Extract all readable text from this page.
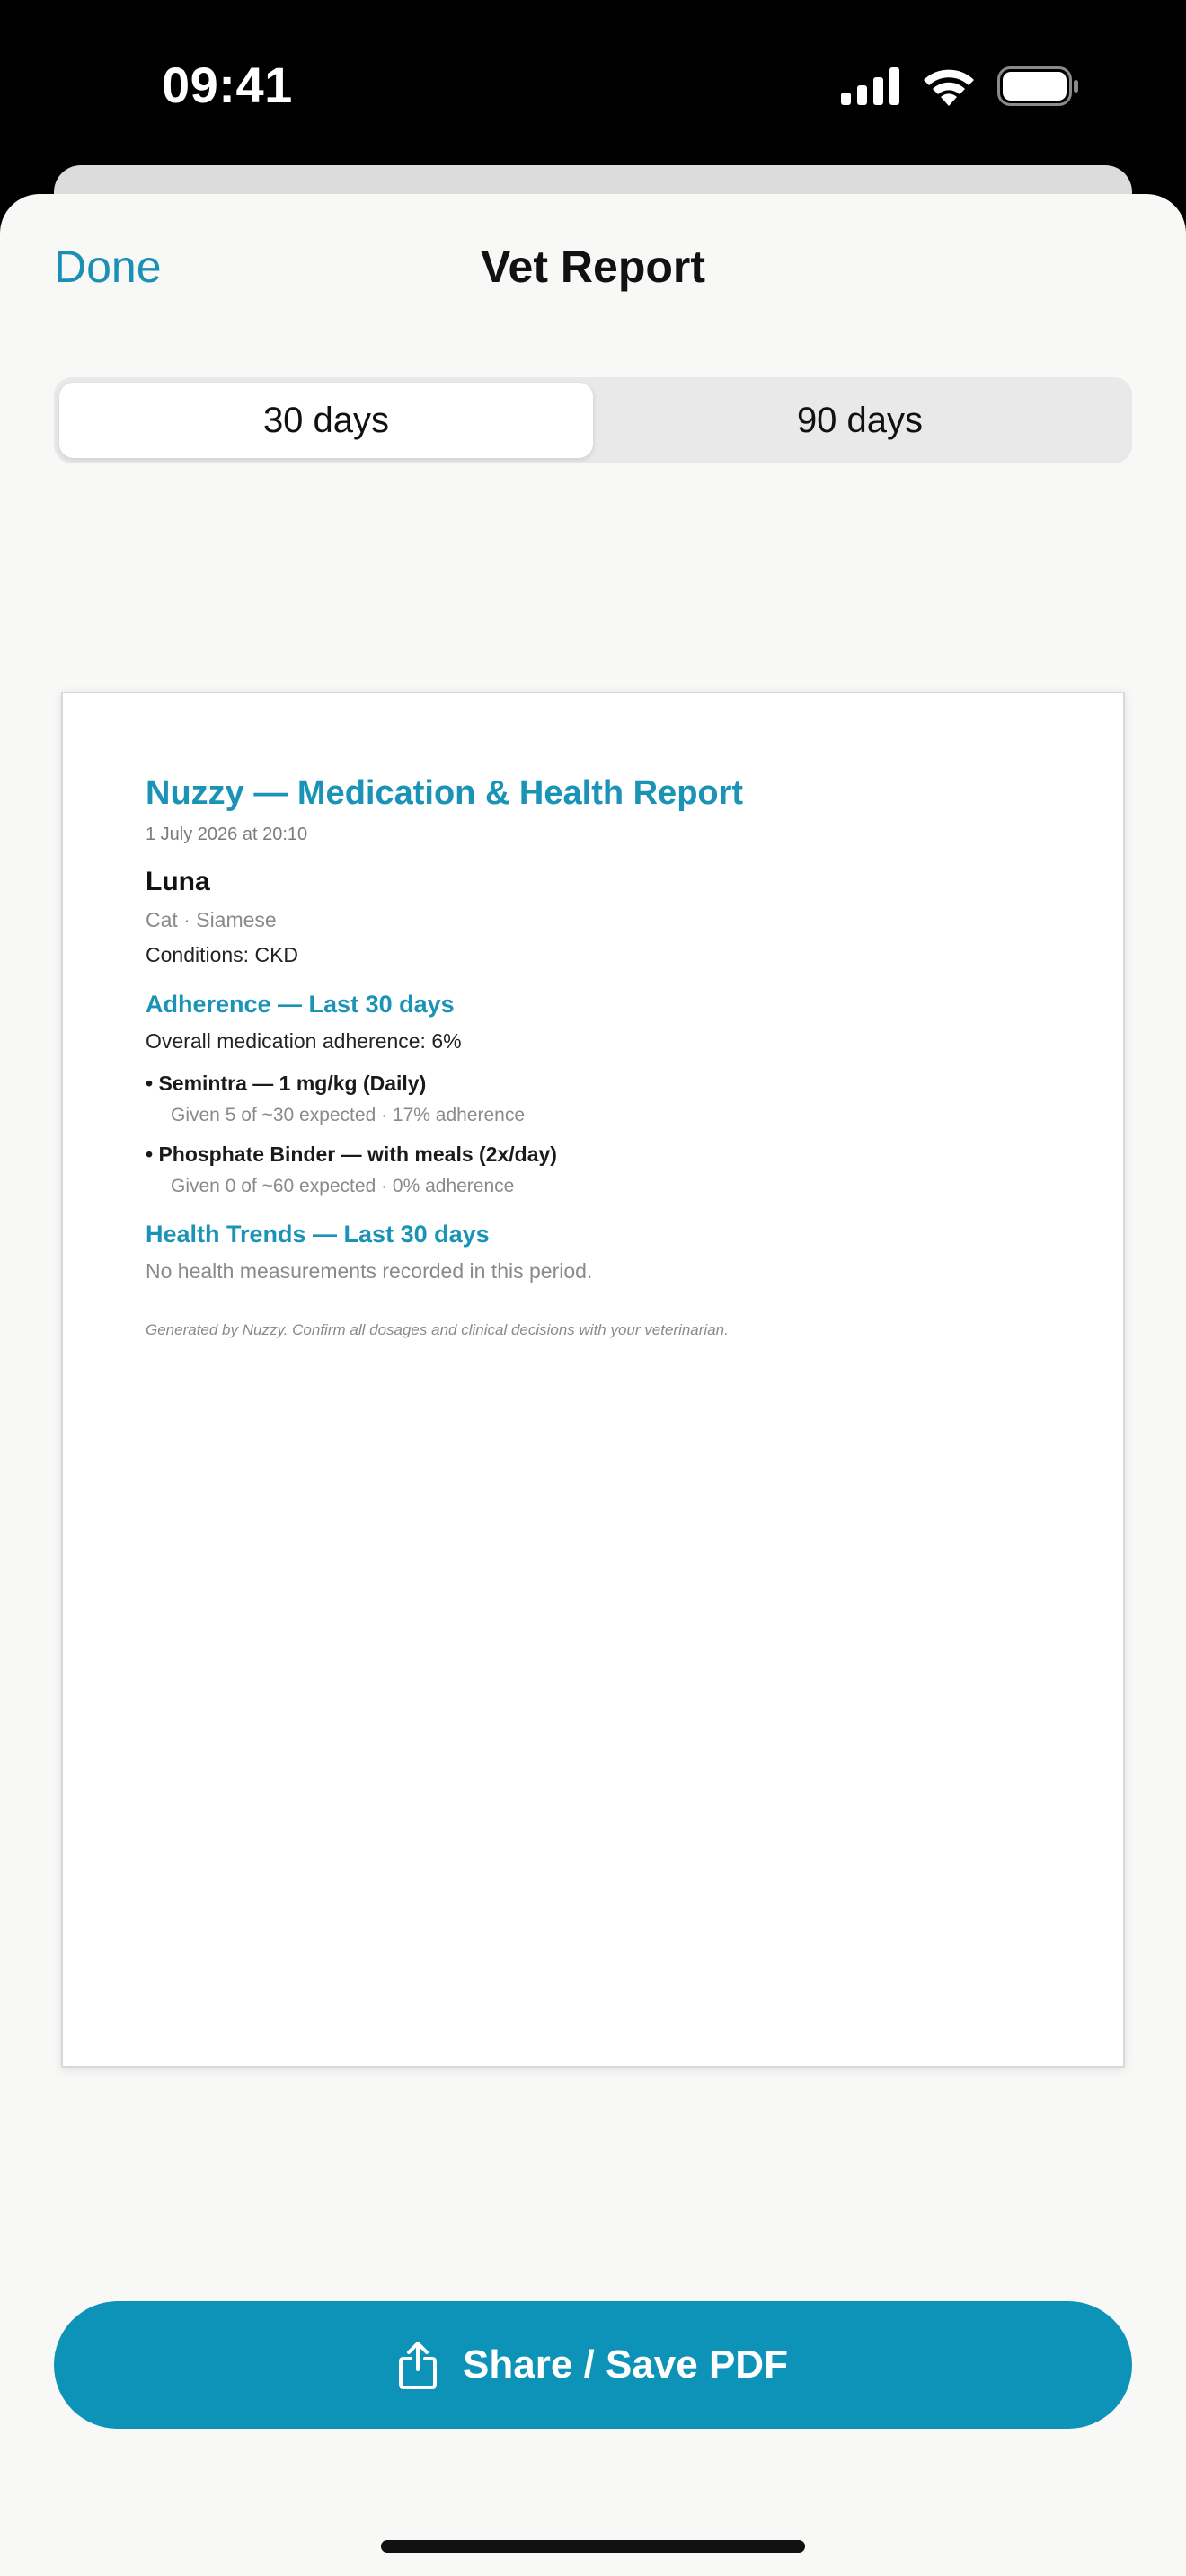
09:41
Done	Vet Report
30 days	90 days
Nuzzy — Medication & Health Report
1 July 2026 at 20:10
Luna
Cat · Siamese
Conditions: CKD
Adherence — Last 30 days
Overall medication adherence: 6%
• Semintra — 1 mg/kg (Daily)
Given 5 of ~30 expected · 17% adherence
• Phosphate Binder — with meals (2x/day)
Given 0 of ~60 expected · 0% adherence
Health Trends — Last 30 days
No health measurements recorded in this period.
Generated by Nuzzy. Confirm all dosages and clinical decisions with your veterinarian.
Share / Save PDF
